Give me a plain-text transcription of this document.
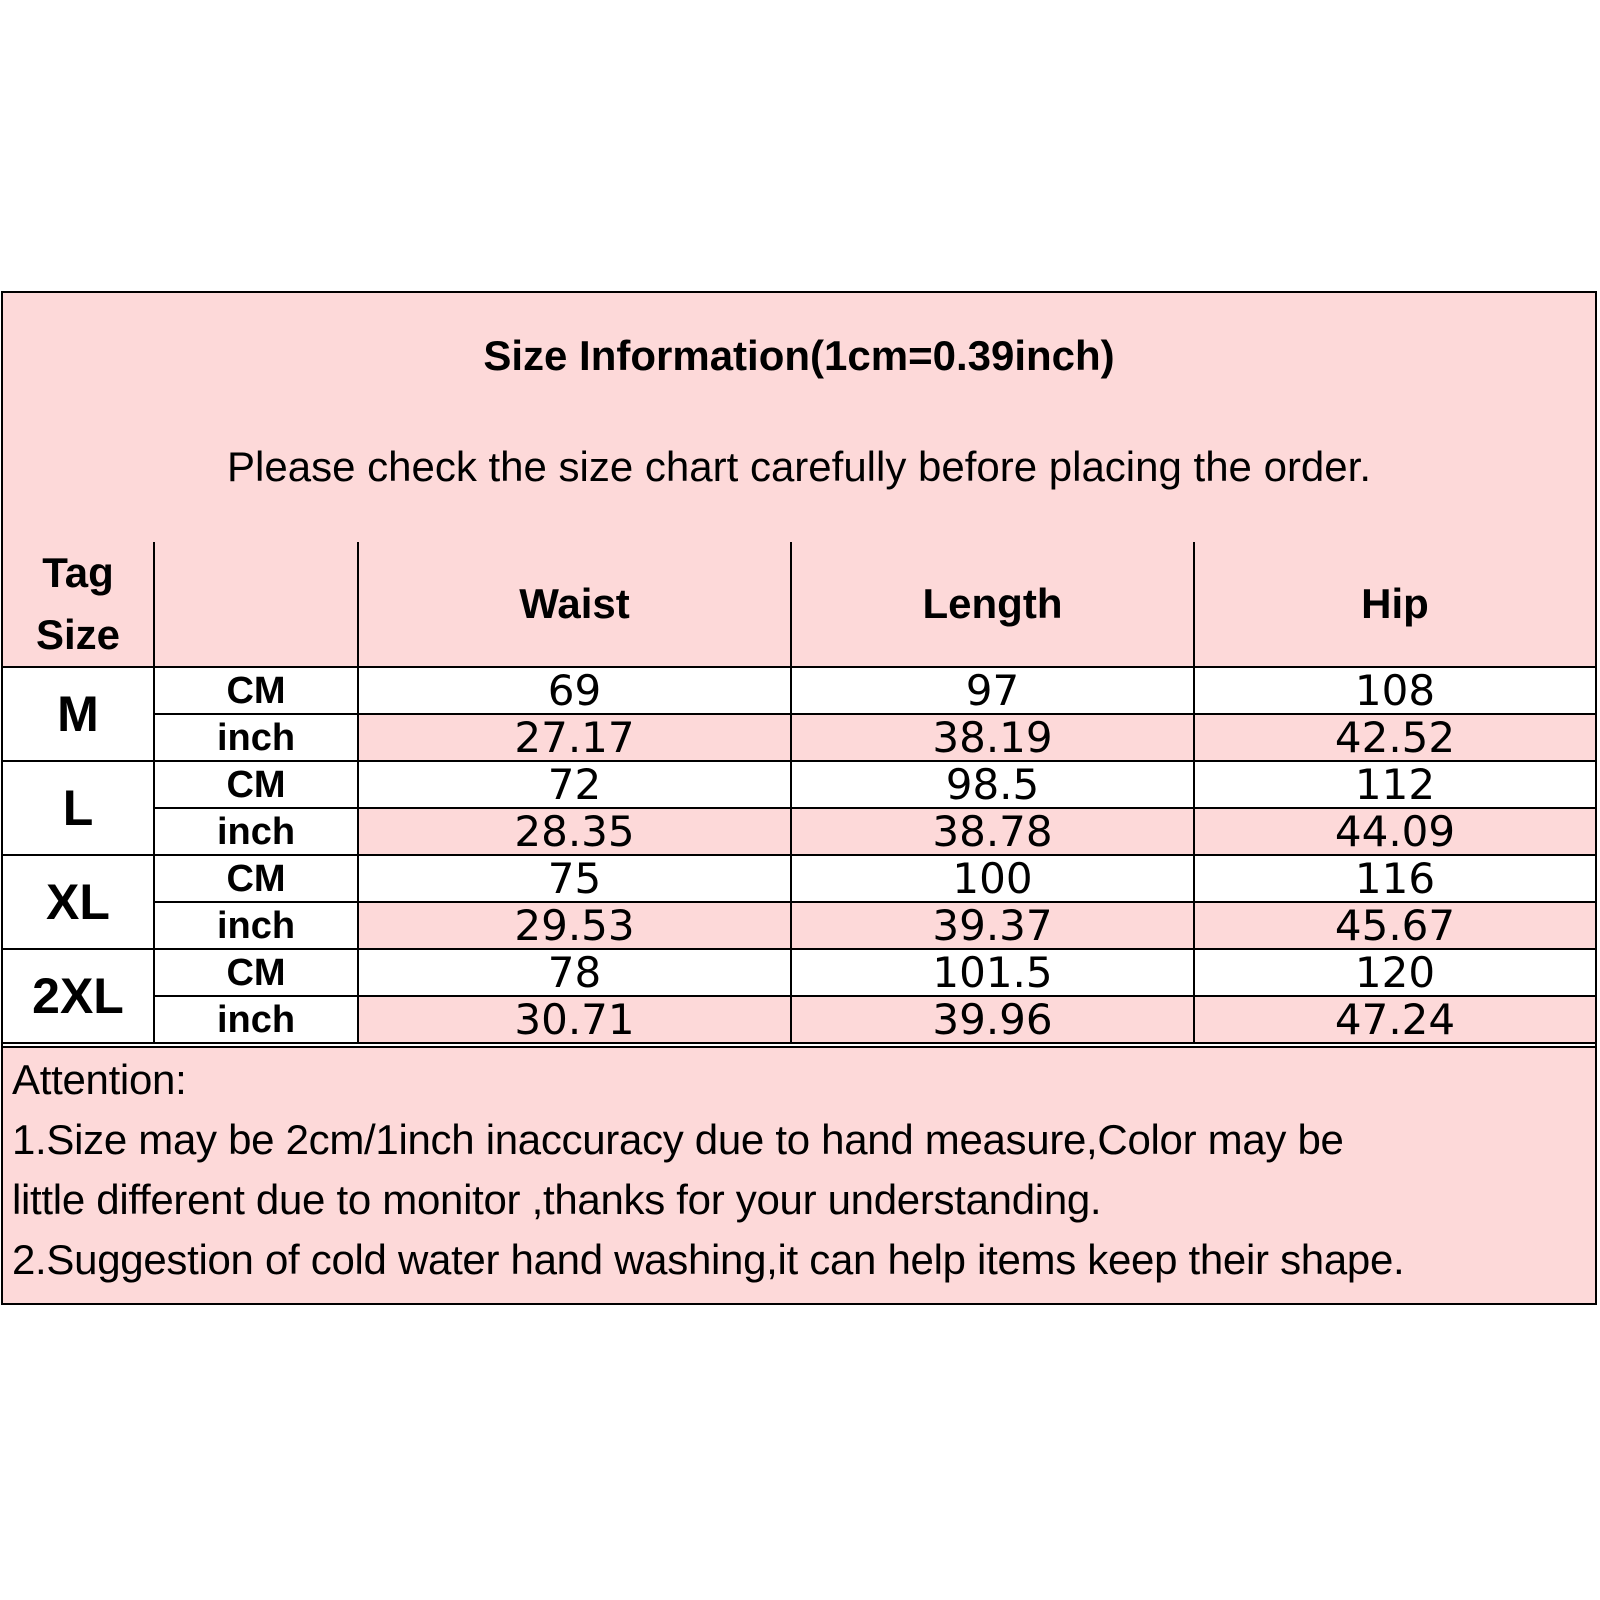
Size Information(1cm=0.39inch)
Please check the size chart carefully before placing the order.
Tag Size		Waist	Length	Hip
M	CM	69	97	108
	inch	27.17	38.19	42.52
L	CM	72	98.5	112
	inch	28.35	38.78	44.09
XL	CM	75	100	116
	inch	29.53	39.37	45.67
2XL	CM	78	101.5	120
	inch	30.71	39.96	47.24
Attention:
1.Size may be 2cm/1inch inaccuracy due to hand measure,Color may be
little different due to monitor ,thanks for your understanding.
2.Suggestion of cold water hand washing,it can help items keep their shape.
